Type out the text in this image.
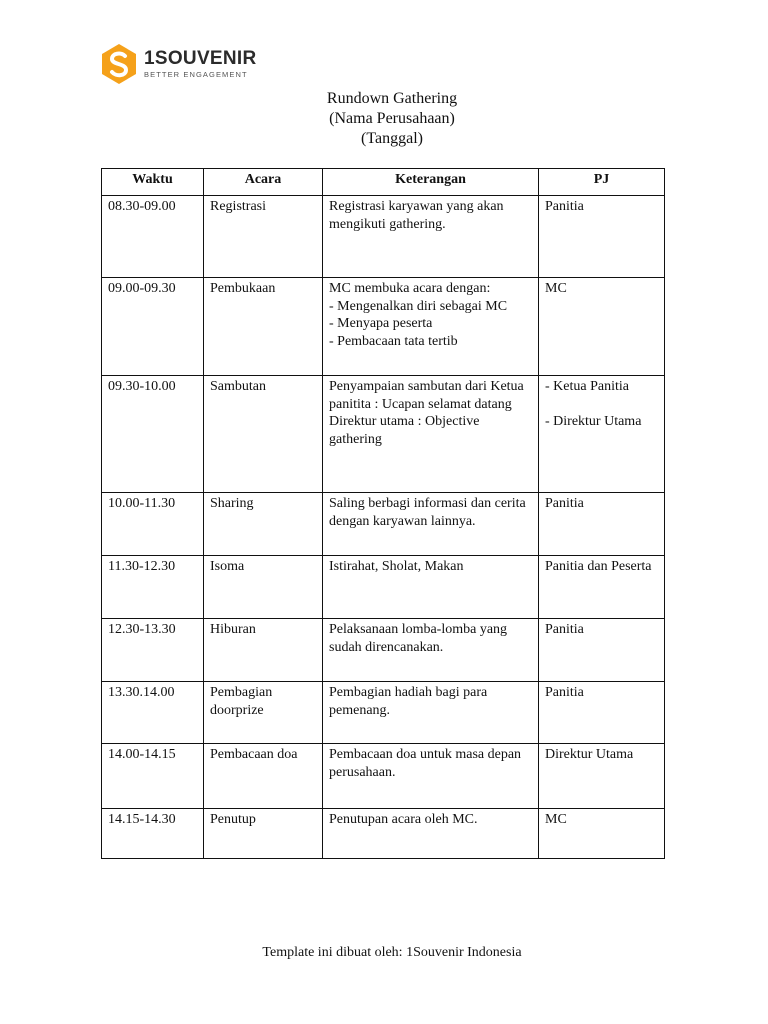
1SOUVENIR
BETTER ENGAGEMENT
Rundown Gathering
(Nama Perusahaan)
(Tanggal)
Waktu	Acara	Keterangan	PJ
08.30-09.00	Registrasi	Registrasi karyawan yang akan mengikuti gathering.	Panitia
09.00-09.30	Pembukaan	MC membuka acara dengan:
- Mengenalkan diri sebagai MC
- Menyapa peserta
- Pembacaan tata tertib	MC
09.30-10.00	Sambutan	Penyampaian sambutan dari Ketua panitita : Ucapan selamat datang
Direktur utama : Objective gathering	- Ketua Panitia

- Direktur Utama
10.00-11.30	Sharing	Saling berbagi informasi dan cerita dengan karyawan lainnya.	Panitia
11.30-12.30	Isoma	Istirahat, Sholat, Makan	Panitia dan Peserta
12.30-13.30	Hiburan	Pelaksanaan lomba-lomba yang sudah direncanakan.	Panitia
13.30.14.00	Pembagian doorprize	Pembagian hadiah bagi para pemenang.	Panitia
14.00-14.15	Pembacaan doa	Pembacaan doa untuk masa depan perusahaan.	Direktur Utama
14.15-14.30	Penutup	Penutupan acara oleh MC.	MC
Template ini dibuat oleh: 1Souvenir Indonesia
